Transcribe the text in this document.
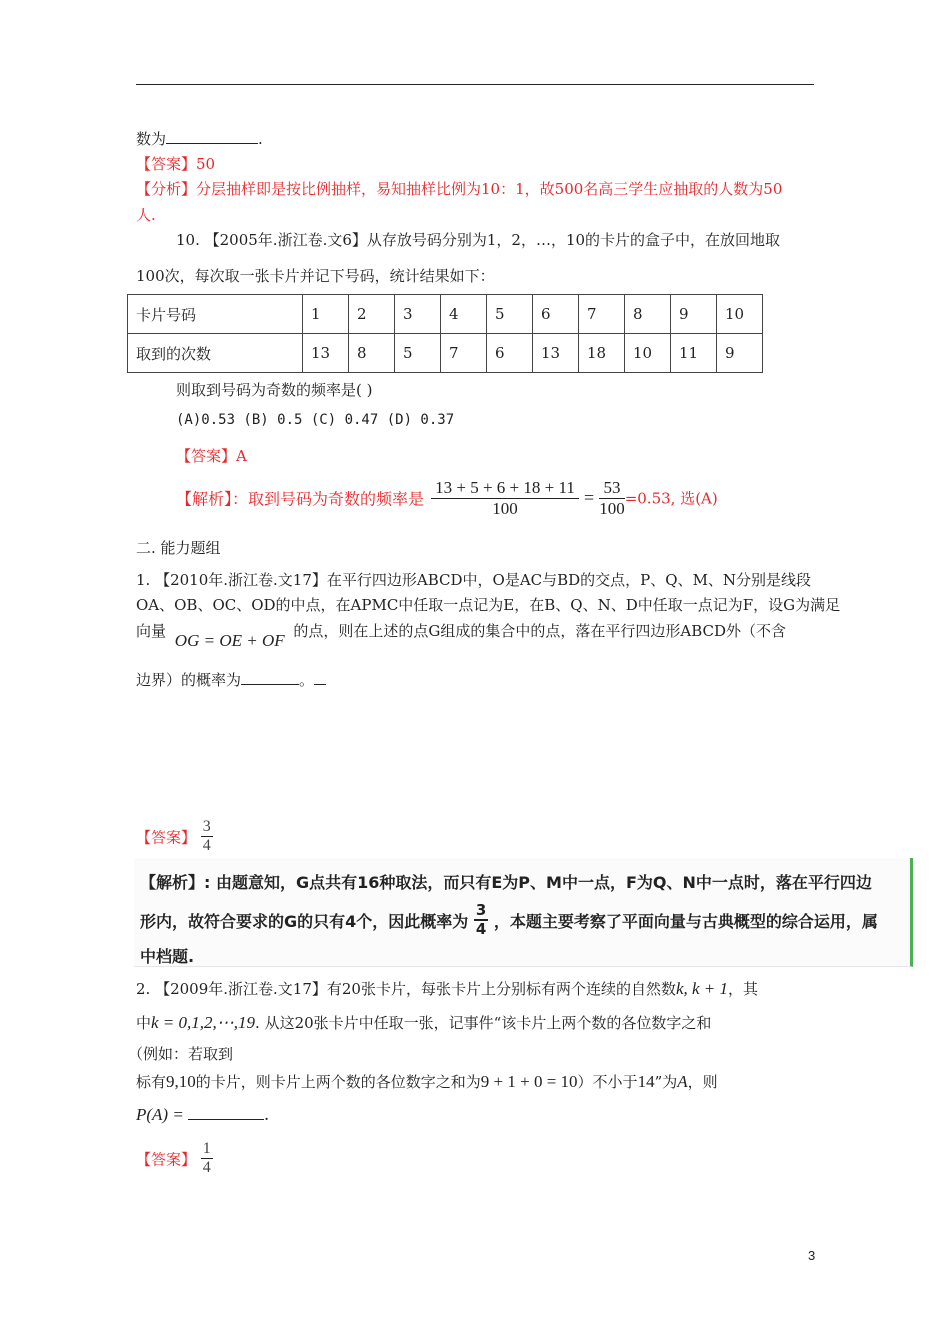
数为	.
【答案】50
【分析】分层抽样即是按比例抽样，易知抽样比例为10：1，故500名高三学生应抽取的人数为50
人.
10. 【2005年.浙江卷.文6】从存放号码分别为1，2，…，10的卡片的盒子中，在放回地取
100次，每次取一张卡片并记下号码，统计结果如下：
卡片号码	1	2	3	4	5	6	7	8	9	10
取到的次数	13	8	5	7	6	13	18	10	11	9
则取到号码为奇数的频率是( )
(A)0.53 (B) 0.5 (C) 0.47 (D) 0.37
【答案】A
【解析】：取到号码为奇数的频率是 $\frac{13 + 5 + 6 + 18 + 11}{100} = \frac{53}{100} =0.53$, 选(A)
二. 能力题组
1. 【2010年.浙江卷.文17】在平行四边形ABCD中，O是AC与BD的交点，P、Q、M、N分别是线段
OA、OB、OC、OD的中点，在APMC中任取一点记为E，在B、Q、N、D中任取一点记为F，设G为满足
向量 OG = OE + OF 的点，则在上述的点G组成的集合中的点，落在平行四边形ABCD外（不含
边界）的概率为	。
【答案】 $\frac{3}{4}$
【解析】: 由题意知，G点共有16种取法，而只有E为P、M中一点，F为Q、N中一点时，落在平行四边
形内，故符合要求的G的只有4个，因此概率为 $\frac{3}{4}$ ，本题主要考察了平面向量与古典概型的综合运用，属
中档题.
2. 【2009年.浙江卷.文17】有20张卡片，每张卡片上分别标有两个连续的自然数k, k + 1，其
中k = 0,1,2,⋯,19. 从这20张卡片中任取一张，记事件“该卡片上两个数的各位数字之和
（例如：若取到
标有9,10的卡片，则卡片上两个数的各位数字之和为9 + 1 + 0 = 10）不小于14”为A，则
P(A) =	.
【答案】 $\frac{1}{4}$
3
